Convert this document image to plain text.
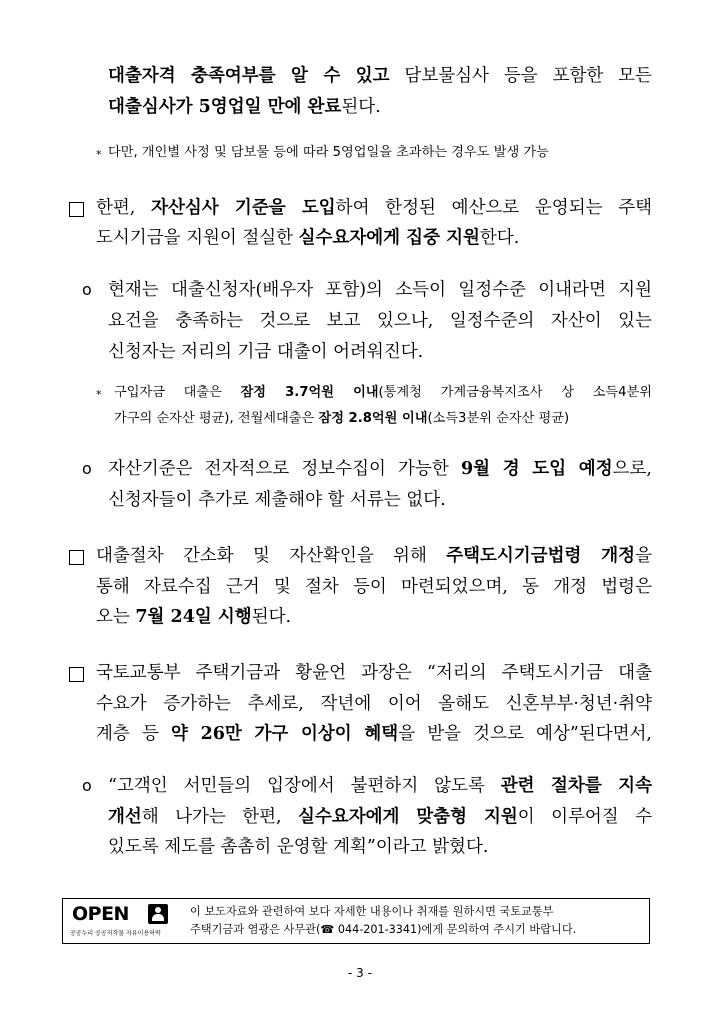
대출자격 충족여부를 알 수 있고 담보물심사 등을 포함한 모든
대출심사가 5영업일 만에 완료된다.
* 다만, 개인별 사정 및 담보물 등에 따라 5영업일을 초과하는 경우도 발생 가능
한편, 자산심사 기준을 도입하여 한정된 예산으로 운영되는 주택
도시기금을 지원이 절실한 실수요자에게 집중 지원한다.
o 현재는 대출신청자(배우자 포함)의 소득이 일정수준 이내라면 지원
요건을 충족하는 것으로 보고 있으나, 일정수준의 자산이 있는
신청자는 저리의 기금 대출이 어려워진다.
* 구입자금 대출은 잠정 3.7억원 이내(통계청 가계금융복지조사 상 소득4분위
가구의 순자산 평균), 전월세대출은 잠정 2.8억원 이내(소득3분위 순자산 평균)
o 자산기준은 전자적으로 정보수집이 가능한 9월 경 도입 예정으로,
신청자들이 추가로 제출해야 할 서류는 없다.
대출절차 간소화 및 자산확인을 위해 주택도시기금법령 개정을
통해 자료수집 근거 및 절차 등이 마련되었으며, 동 개정 법령은
오는 7월 24일 시행된다.
국토교통부 주택기금과 황윤언 과장은 “저리의 주택도시기금 대출
수요가 증가하는 추세로, 작년에 이어 올해도 신혼부부·청년·취약
계층 등 약 26만 가구 이상이 혜택을 받을 것으로 예상”된다면서,
o “고객인 서민들의 입장에서 불편하지 않도록 관련 절차를 지속
개선해 나가는 한편, 실수요자에게 맞춤형 지원이 이루어질 수
있도록 제도를 촘촘히 운영할 계획”이라고 밝혔다.
OPEN
공공누리 공공저작물 자유이용허락
이 보도자료와 관련하여 보다 자세한 내용이나 취재를 원하시면 국토교통부
주택기금과 염광은 사무관(☎ 044-201-3341)에게 문의하여 주시기 바랍니다.
- 3 -
